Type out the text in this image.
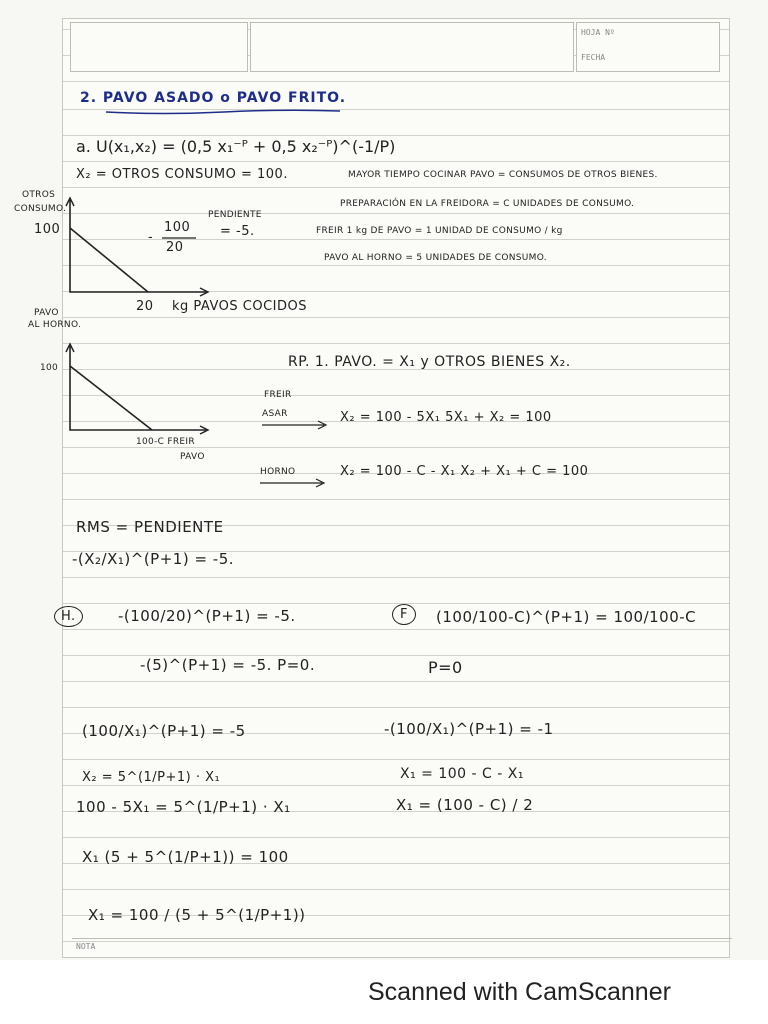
HOJA Nº
FECHA
2. PAVO ASADO o PAVO FRITO.
a. U(x₁,x₂) = (0,5 x₁⁻ᴾ + 0,5 x₂⁻ᴾ)^(-1/P)
X₂ = OTROS CONSUMO = 100.	MAYOR TIEMPO COCINAR PAVO = CONSUMOS DE OTROS BIENES.
PREPARACIÓN EN LA FREIDORA = C UNIDADES DE CONSUMO.
FREIR 1 kg DE PAVO = 1 UNIDAD DE CONSUMO / kg
PAVO AL HORNO = 5 UNIDADES DE CONSUMO.
OTROS
CONSUMO.
100
20 kg PAVOS COCIDOS
100
-
20
PENDIENTE
= -5.
PAVO
AL HORNO.
100
100-C FREIR
PAVO
RP. 1. PAVO. = X₁ y OTROS BIENES X₂.
FREIR
ASAR	X₂ = 100 - 5X₁ 5X₁ + X₂ = 100
HORNO	X₂ = 100 - C - X₁ X₂ + X₁ + C = 100
RMS = PENDIENTE
-(X₂/X₁)^(P+1) = -5.
H.	-(100/20)^(P+1) = -5.
-(5)^(P+1) = -5. P=0.
(100/X₁)^(P+1) = -5
X₂ = 5^(1/P+1) · X₁
100 - 5X₁ = 5^(1/P+1) · X₁
X₁ (5 + 5^(1/P+1)) = 100
X₁ = 100 / (5 + 5^(1/P+1))
F	(100/100-C)^(P+1) = 100/100-C
P=0
-(100/X₁)^(P+1) = -1
X₁ = 100 - C - X₁
X₁ = (100 - C) / 2
NOTA
Scanned with CamScanner
